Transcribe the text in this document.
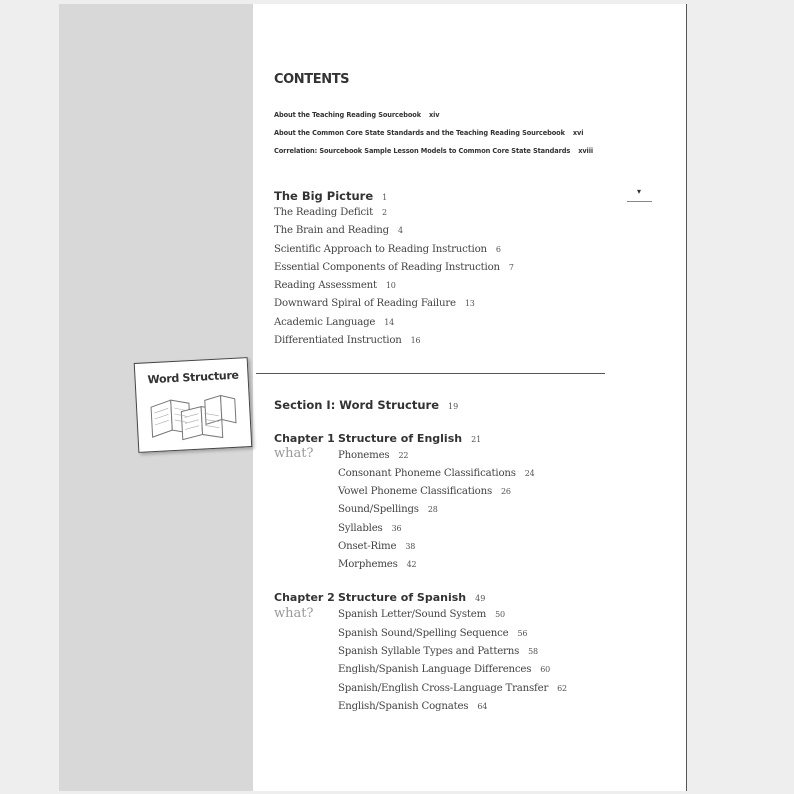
CONTENTS
About the Teaching Reading Sourcebook xiv
About the Common Core State Standards and the Teaching Reading Sourcebook xvi
Correlation: Sourcebook Sample Lesson Models to Common Core State Standards xviii
▾
The Big Picture 1
The Reading Deficit 2
The Brain and Reading 4
Scientific Approach to Reading Instruction 6
Essential Components of Reading Instruction 7
Reading Assessment 10
Downward Spiral of Reading Failure 13
Academic Language 14
Differentiated Instruction 16
Word Structure
Section I: Word Structure 19
Chapter 1 Structure of English 21
what? Phonemes 22
Consonant Phoneme Classifications 24
Vowel Phoneme Classifications 26
Sound/Spellings 28
Syllables 36
Onset-Rime 38
Morphemes 42
Chapter 2 Structure of Spanish 49
what? Spanish Letter/Sound System 50
Spanish Sound/Spelling Sequence 56
Spanish Syllable Types and Patterns 58
English/Spanish Language Differences 60
Spanish/English Cross-Language Transfer 62
English/Spanish Cognates 64
